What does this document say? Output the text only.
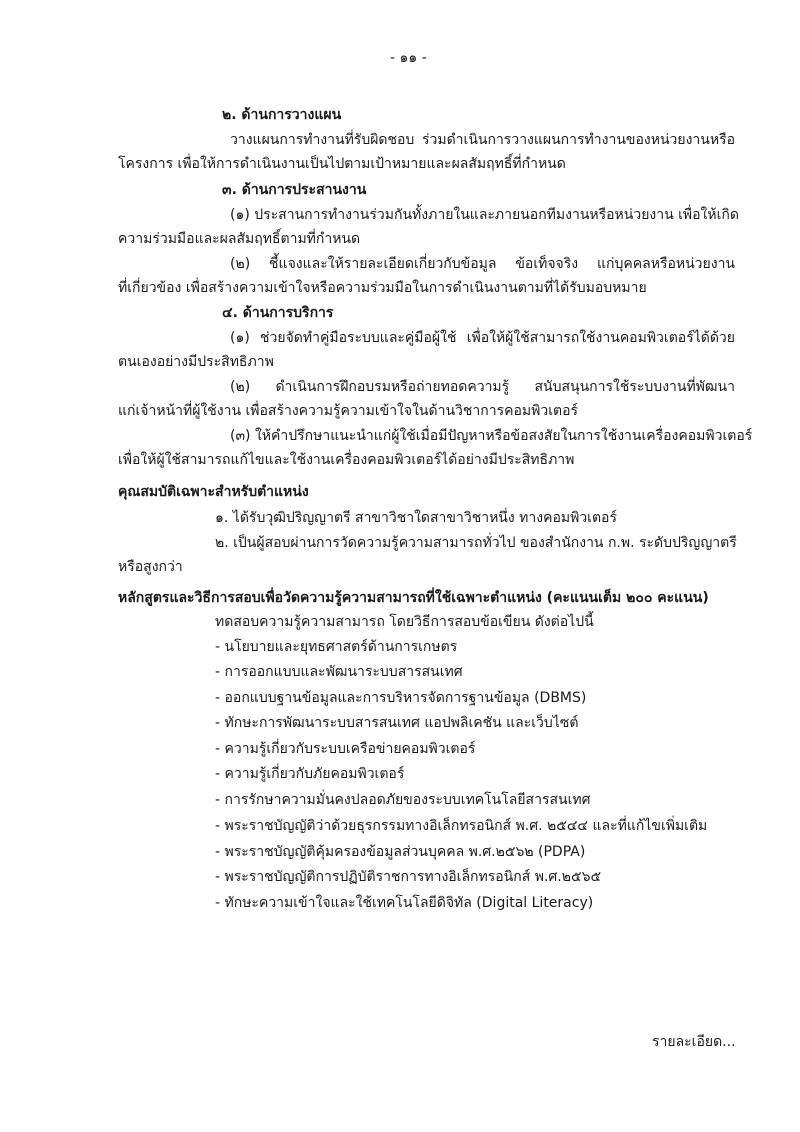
- ๑๑ -
๒. ด้านการวางแผน
วางแผนการทำงานที่รับผิดชอบ ร่วมดำเนินการวางแผนการทำงานของหน่วยงานหรือ
โครงการ เพื่อให้การดำเนินงานเป็นไปตามเป้าหมายและผลสัมฤทธิ์ที่กำหนด
๓. ด้านการประสานงาน
(๑) ประสานการทำงานร่วมกันทั้งภายในและภายนอกทีมงานหรือหน่วยงาน เพื่อให้เกิด
ความร่วมมือและผลสัมฤทธิ์ตามที่กำหนด
(๒) ชี้แจงและให้รายละเอียดเกี่ยวกับข้อมูล ข้อเท็จจริง แก่บุคคลหรือหน่วยงาน
ที่เกี่ยวข้อง เพื่อสร้างความเข้าใจหรือความร่วมมือในการดำเนินงานตามที่ได้รับมอบหมาย
๔. ด้านการบริการ
(๑) ช่วยจัดทำคู่มือระบบและคู่มือผู้ใช้ เพื่อให้ผู้ใช้สามารถใช้งานคอมพิวเตอร์ได้ด้วย
ตนเองอย่างมีประสิทธิภาพ
(๒) ดำเนินการฝึกอบรมหรือถ่ายทอดความรู้ สนับสนุนการใช้ระบบงานที่พัฒนา
แก่เจ้าหน้าที่ผู้ใช้งาน เพื่อสร้างความรู้ความเข้าใจในด้านวิชาการคอมพิวเตอร์
(๓) ให้คำปรึกษาแนะนำแก่ผู้ใช้เมื่อมีปัญหาหรือข้อสงสัยในการใช้งานเครื่องคอมพิวเตอร์
เพื่อให้ผู้ใช้สามารถแก้ไขและใช้งานเครื่องคอมพิวเตอร์ได้อย่างมีประสิทธิภาพ
คุณสมบัติเฉพาะสำหรับตำแหน่ง
๑. ได้รับวุฒิปริญญาตรี สาขาวิชาใดสาขาวิชาหนึ่ง ทางคอมพิวเตอร์
๒. เป็นผู้สอบผ่านการวัดความรู้ความสามารถทั่วไป ของสำนักงาน ก.พ. ระดับปริญญาตรี
หรือสูงกว่า
หลักสูตรและวิธีการสอบเพื่อวัดความรู้ความสามารถที่ใช้เฉพาะตำแหน่ง (คะแนนเต็ม ๒๐๐ คะแนน)
ทดสอบความรู้ความสามารถ โดยวิธีการสอบข้อเขียน ดังต่อไปนี้
- นโยบายและยุทธศาสตร์ด้านการเกษตร
- การออกแบบและพัฒนาระบบสารสนเทศ
- ออกแบบฐานข้อมูลและการบริหารจัดการฐานข้อมูล (DBMS)
- ทักษะการพัฒนาระบบสารสนเทศ แอปพลิเคชัน และเว็บไซต์
- ความรู้เกี่ยวกับระบบเครือข่ายคอมพิวเตอร์
- ความรู้เกี่ยวกับภัยคอมพิวเตอร์
- การรักษาความมั่นคงปลอดภัยของระบบเทคโนโลยีสารสนเทศ
- พระราชบัญญัติว่าด้วยธุรกรรมทางอิเล็กทรอนิกส์ พ.ศ. ๒๕๔๔ และที่แก้ไขเพิ่มเติม
- พระราชบัญญัติคุ้มครองข้อมูลส่วนบุคคล พ.ศ.๒๕๖๒ (PDPA)
- พระราชบัญญัติการปฏิบัติราชการทางอิเล็กทรอนิกส์ พ.ศ.๒๕๖๕
- ทักษะความเข้าใจและใช้เทคโนโลยีดิจิทัล (Digital Literacy)
รายละเอียด...
